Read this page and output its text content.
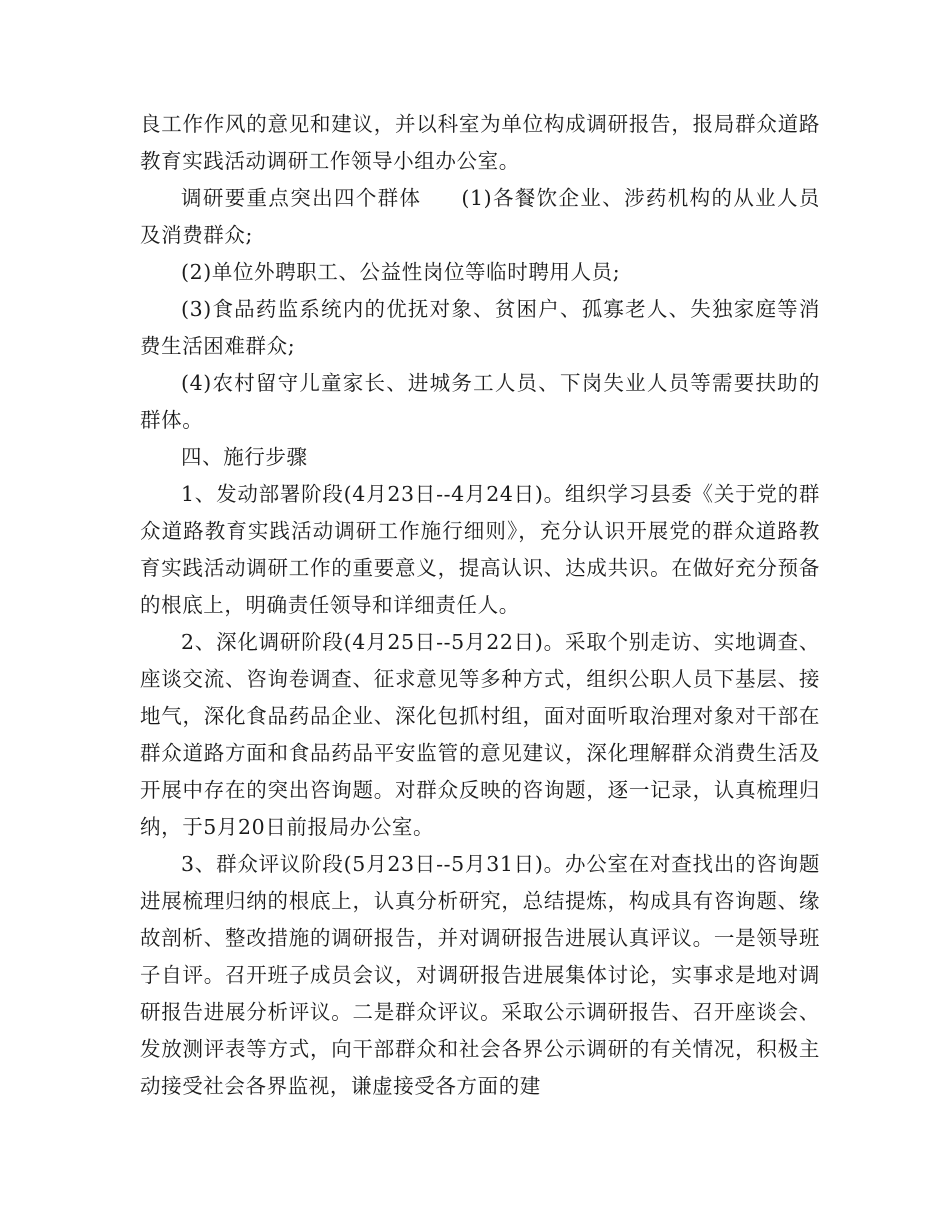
良工作作风的意见和建议，并以科室为单位构成调研报告，报局群众道路教育实践活动调研工作领导小组办公室。

调研要重点突出四个群体 (1)各餐饮企业、涉药机构的从业人员及消费群众;

(2)单位外聘职工、公益性岗位等临时聘用人员;

(3)食品药监系统内的优抚对象、贫困户、孤寡老人、失独家庭等消费生活困难群众;

(4)农村留守儿童家长、进城务工人员、下岗失业人员等需要扶助的群体。

四、施行步骤

1、发动部署阶段(4月23日--4月24日)。组织学习县委《关于党的群众道路教育实践活动调研工作施行细则》，充分认识开展党的群众道路教育实践活动调研工作的重要意义，提高认识、达成共识。在做好充分预备的根底上，明确责任领导和详细责任人。

2、深化调研阶段(4月25日--5月22日)。采取个别走访、实地调查、座谈交流、咨询卷调查、征求意见等多种方式，组织公职人员下基层、接地气，深化食品药品企业、深化包抓村组，面对面听取治理对象对干部在群众道路方面和食品药品平安监管的意见建议，深化理解群众消费生活及开展中存在的突出咨询题。对群众反映的咨询题，逐一记录，认真梳理归纳，于5月20日前报局办公室。

3、群众评议阶段(5月23日--5月31日)。办公室在对查找出的咨询题进展梳理归纳的根底上，认真分析研究，总结提炼，构成具有咨询题、缘故剖析、整改措施的调研报告，并对调研报告进展认真评议。一是领导班子自评。召开班子成员会议，对调研报告进展集体讨论，实事求是地对调研报告进展分析评议。二是群众评议。采取公示调研报告、召开座谈会、发放测评表等方式，向干部群众和社会各界公示调研的有关情况，积极主动接受社会各界监视，谦虚接受各方面的建
